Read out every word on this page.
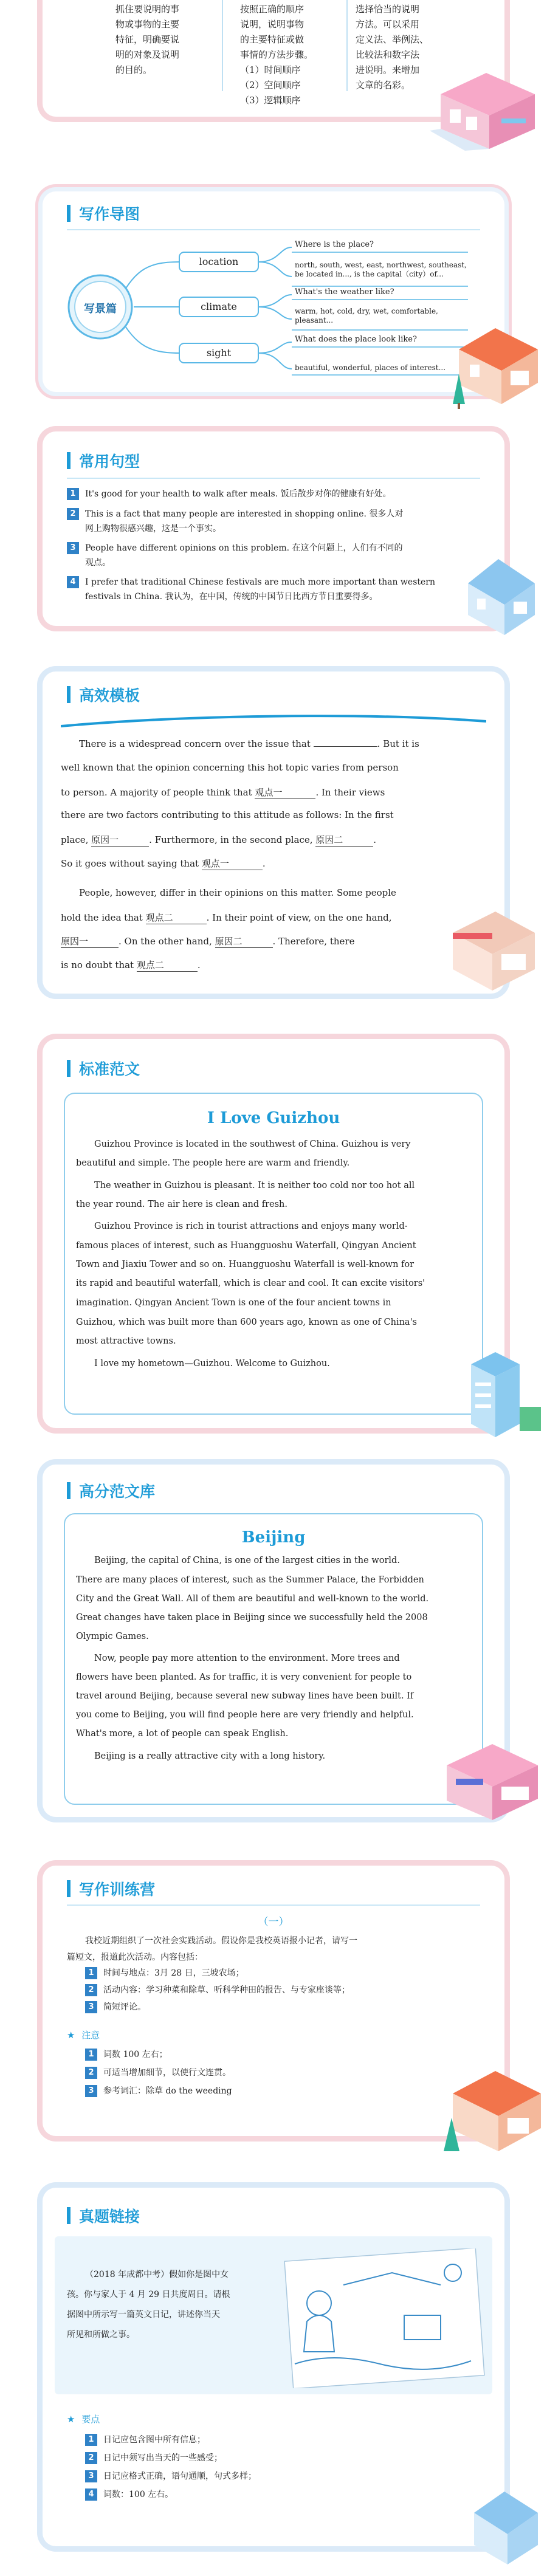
抓住要说明的事

物或事物的主要

特征，明确要说

明的对象及说明

的目的。

按照正确的顺序

说明，说明事物

的主要特征或做

事情的方法步骤。

（1）时间顺序

（2）空间顺序

（3）逻辑顺序

选择恰当的说明

方法。可以采用

定义法、举例法、

比较法和数字法

进说明。来增加

文章的名彩。

写作导图
写景篇
location
climate
sight

Where is the place?

north, south, west, east, northwest, southeast,

be located in..., is the capital（city）of...

What's the weather like?

warm, hot, cold, dry, wet, comfortable,

pleasant...

What does the place look like?

beautiful, wonderful, places of interest...

常用句型
1 It's good for your health to walk after meals. 饭后散步对你的健康有好处。
2 This is a fact that many people are interested in shopping online. 很多人对
网上购物很感兴趣，这是一个事实。
3 People have different opinions on this problem. 在这个问题上，人们有不同的
观点。
4 I prefer that traditional Chinese festivals are much more important than western
festivals in China. 我认为，在中国，传统的中国节日比西方节日重要得多。
高效模板

There is a widespread concern over the issue that	. But it is

well known that the opinion concerning this hot topic varies from person

to person. A majority of people think that 观点一	. In their views

there are two factors contributing to this attitude as follows: In the first

place, 原因一	. Furthermore, in the second place, 原因二	.

So it goes without saying that 观点一	.

People, however, differ in their opinions on this matter. Some people

hold the idea that 观点二	. In their point of view, on the one hand,

原因一	. On the other hand, 原因二	. Therefore, there

is no doubt that 观点二	.

标准范文
I Love Guizhou

Guizhou Province is located in the southwest of China. Guizhou is very

beautiful and simple. The people here are warm and friendly.

The weather in Guizhou is pleasant. It is neither too cold nor too hot all

the year round. The air here is clean and fresh.

Guizhou Province is rich in tourist attractions and enjoys many world-

famous places of interest, such as Huangguoshu Waterfall, Qingyan Ancient

Town and Jiaxiu Tower and so on. Huangguoshu Waterfall is well-known for

its rapid and beautiful waterfall, which is clear and cool. It can excite visitors'

imagination. Qingyan Ancient Town is one of the four ancient towns in

Guizhou, which was built more than 600 years ago, known as one of China's

most attractive towns.

I love my hometown—Guizhou. Welcome to Guizhou.

高分范文库
Beijing

Beijing, the capital of China, is one of the largest cities in the world.

There are many places of interest, such as the Summer Palace, the Forbidden

City and the Great Wall. All of them are beautiful and well-known to the world.

Great changes have taken place in Beijing since we successfully held the 2008

Olympic Games.

Now, people pay more attention to the environment. More trees and

flowers have been planted. As for traffic, it is very convenient for people to

travel around Beijing, because several new subway lines have been built. If

you come to Beijing, you will find people here are very friendly and helpful.

What's more, a lot of people can speak English.

Beijing is a really attractive city with a long history.

写作训练营
（一）

我校近期组织了一次社会实践活动。假设你是我校英语报小记者，请写一

篇短文，报道此次活动。内容包括：

1 时间与地点：3月 28 日，三坡农场；
2 活动内容：学习种菜和除草、听科学种田的报告、与专家座谈等；
3 简短评论。
★ 注意
1 词数 100 左右；
2 可适当增加细节，以使行文连贯。
3 参考词汇：除草 do the weeding
真题链接

（2018 年成都中考）假如你是图中女

孩。你与家人于 4 月 29 日共度周日。请根

据图中所示写一篇英文日记，讲述你当天

所见和所做之事。

★ 要点
1 日记应包含图中所有信息；
2 日记中须写出当天的一些感受；
3 日记应格式正确，语句通顺，句式多样；
4 词数：100 左右。
